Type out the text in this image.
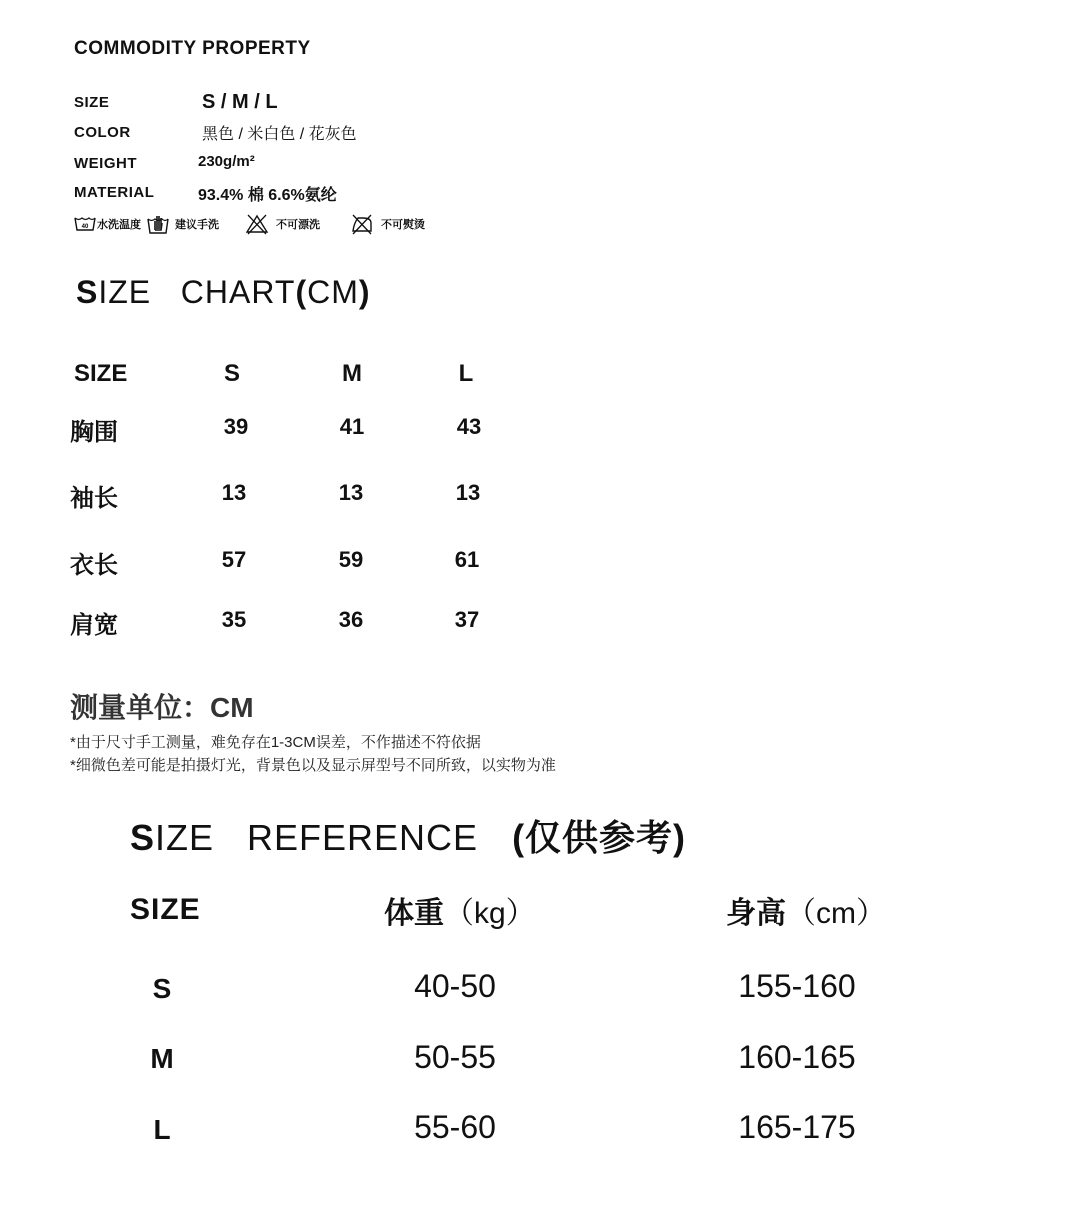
COMMODITY PROPERTY
SIZE	S / M / L
COLOR	黑色 / 米白色 / 花灰色
WEIGHT	230g/m²
MATERIAL	93.4% 棉 6.6%氨纶
40 水洗温度	建议手洗	不可漂洗	不可熨烫
SIZE   CHART(CM)
SIZE	S	M	L
胸围	39	41	43
袖长	13	13	13
衣长	57	59	61
肩宽	35	36	37
测量单位：CM
*由于尺寸手工测量，难免存在1-3CM误差，不作描述不符依据
*细微色差可能是拍摄灯光，背景色以及显示屏型号不同所致，以实物为准
SIZE   REFERENCE (仅供参考)
SIZE	体重（kg）	身高（cm）
S	40-50	155-160
M	50-55	160-165
L	55-60	165-175
